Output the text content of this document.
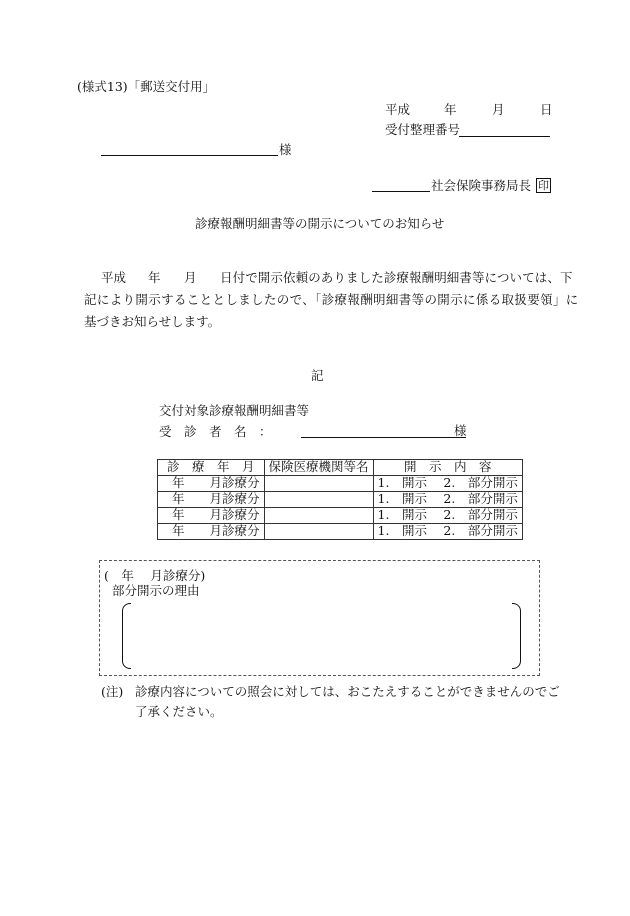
(様式13)「郵送交付用」
平成	年	月	日
受付整理番号
様
社会保険事務局長 印
診療報酬明細書等の開示についてのお知らせ
平成 年 月 日付で開示依頼のありました診療報酬明細書等については、下
記により開示することとしましたので、「診療報酬明細書等の開示に係る取扱要領」に
基づきお知らせします。
記
交付対象診療報酬明細書等
受　診　者　名　：	様
診　療　年　月	保険医療機関等名	開　示　内　容
年　　月診療分		1.　開示　 2.　部分開示
年　　月診療分		1.　開示　 2.　部分開示
年　　月診療分		1.　開示　 2.　部分開示
年　　月診療分		1.　開示　 2.　部分開示
(　年　 月診療分)
部分開示の理由
(注) 診療内容についての照会に対しては、おこたえすることができませんのでご
了承ください。
